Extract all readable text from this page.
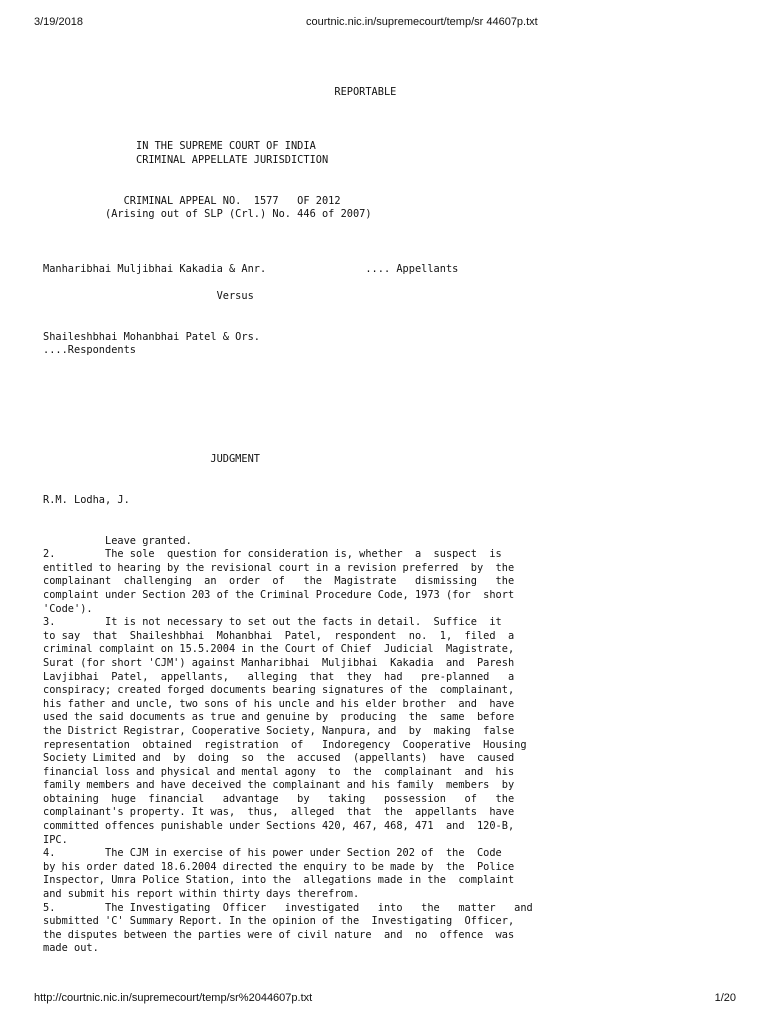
3/19/2018	courtnic.nic.in/supremecourt/temp/sr 44607p.txt
REPORTABLE
IN THE SUPREME COURT OF INDIA
CRIMINAL APPELLATE JURISDICTION
CRIMINAL APPEAL NO.  1577   OF 2012
(Arising out of SLP (Crl.) No. 446 of 2007)
Manharibhai Muljibhai Kakadia & Anr.                .... Appellants
Versus
Shaileshbhai Mohanbhai Patel & Ors.
....Respondents
JUDGMENT
R.M. Lodha, J.
Leave granted.
2.        The sole  question for consideration is, whether  a  suspect  is
entitled to hearing by the revisional court in a revision preferred  by  the
complainant  challenging  an  order  of   the  Magistrate   dismissing   the
complaint under Section 203 of the Criminal Procedure Code, 1973 (for  short
'Code').
3.        It is not necessary to set out the facts in detail.  Suffice  it
to say  that  Shaileshbhai  Mohanbhai  Patel,  respondent  no.  1,  filed  a
criminal complaint on 15.5.2004 in the Court of Chief  Judicial  Magistrate,
Surat (for short 'CJM') against Manharibhai  Muljibhai  Kakadia  and  Paresh
Lavjibhai  Patel,  appellants,   alleging  that  they  had   pre-planned   a
conspiracy; created forged documents bearing signatures of the  complainant,
his father and uncle, two sons of his uncle and his elder brother  and  have
used the said documents as true and genuine by  producing  the  same  before
the District Registrar, Cooperative Society, Nanpura, and  by  making  false
representation  obtained  registration  of   Indoregency  Cooperative  Housing
Society Limited and  by  doing  so  the  accused  (appellants)  have  caused
financial loss and physical and mental agony  to  the  complainant  and  his
family members and have deceived the complainant and his family  members  by
obtaining  huge  financial   advantage   by   taking   possession   of   the
complainant's property. It was,  thus,  alleged  that  the  appellants  have
committed offences punishable under Sections 420, 467, 468, 471  and  120-B,
IPC.
4.        The CJM in exercise of his power under Section 202 of  the  Code
by his order dated 18.6.2004 directed the enquiry to be made by  the  Police
Inspector, Umra Police Station, into the  allegations made in the  complaint
and submit his report within thirty days therefrom.
5.        The Investigating  Officer   investigated   into   the   matter   and
submitted 'C' Summary Report. In the opinion of the  Investigating  Officer,
the disputes between the parties were of civil nature  and  no  offence  was
made out.
http://courtnic.nic.in/supremecourt/temp/sr%2044607p.txt	1/20
